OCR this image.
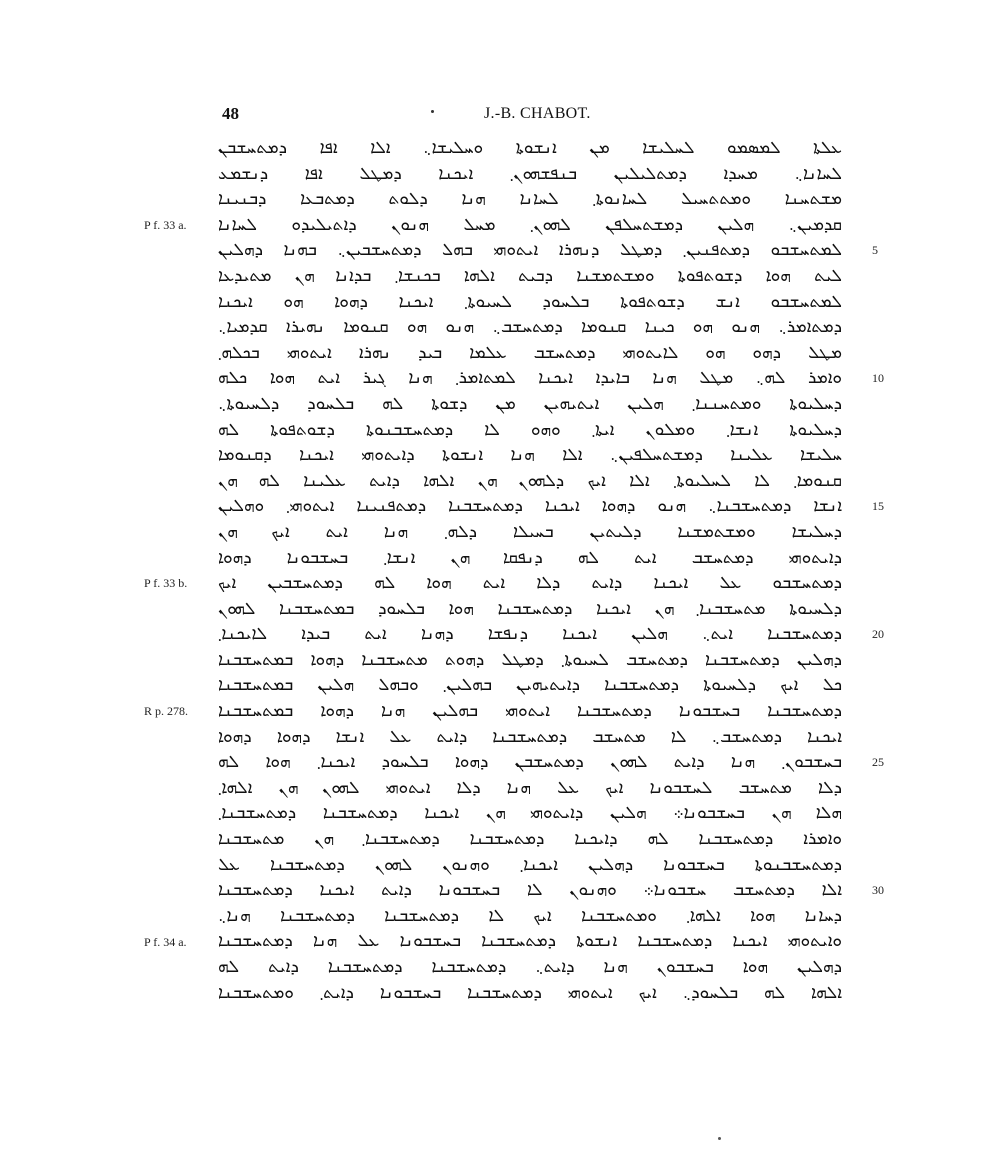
48	J.-B. CHABOT.
ܥܠܬܐ ܠܡܣܡܘ ܠܚܠܝܫܐ ܡܢ ܐܢܫܘܬܐ ܘܚܠܝܫܐ܆ ܐܠܐ ܐܦܐ ܕܡܬܚܫܒܢ
ܠܚܐܢܐ܆ ܡܚܕܐ ܕܡܬܠܝܠܝܢ ܒܢܦܫܗܘܢ܂ ܐܝܟܢܐ ܕܡܛܠ ܐܦܐ ܕܢܫܡܥ
ܡܫܬܚܢܐ ܘܡܬܬܚܝܠ ܠܚܐܢܘܬܐ܂ ܠܚܐܢܐ ܗܢܐ ܕܠܘܬ ܕܡܬܒܥܐ ܕܒܢܝܢܐ
ܩܕܡܝܢ܆ ܗܠܝܢ ܕܡܫܬܚܠܦܢ ܠܗܘܢ܂ ܡܚܠ ܗܢܘܢ ܕܐܬܝܠܝܕܘ ܠܚܐܢܐ
ܠܡܬܚܫܒܘ ܕܡܬܦܢܝܢ܂ ܕܡܛܠ ܕܢܗܪܐ ܐܝܬܘܗܝ ܒܗܠ ܕܡܬܚܫܒܝܢ܆ ܒܗܢܐ ܕܗܠܝܢ
ܠܝܬ ܗܘܐ ܕܫܘܬܦܘܬܐ ܘܡܫܬܡܫܢܐ ܕܒܝܬ ܐܠܗܐ ܒܟܢܫܐ܂ ܒܕܐܢܐ ܗܢ ܡܬܝܕܥܐ
ܠܡܬܚܫܒܘ ܐܢܫ ܕܫܘܬܦܘܬܐ ܒܠܚܘܕ ܠܚܝܘܬܐ܂ ܐܝܟܢܐ ܕܗܘܐ ܗܘ ܐܝܟܢܐ
ܕܡܬܐܡܪ܆ ܗܢܘ ܗܘ ܟܝܢܐ ܩܢܘܡܐ ܕܡܬܚܫܒ܆ ܗܢܘ ܗܘ ܩܢܘܡܐ ܢܗܝܪܐ ܩܕܡܝܐ܆
ܡܛܠ ܕܗܘ ܗܘ ܠܐܝܬܘܗܝ ܕܡܬܚܫܒ ܥܠܡܐ ܒܝܕ ܢܗܪܐ ܐܝܬܘܗܝ ܒܟܠܗ܂
ܘܐܡܪ ܠܗ܆ ܡܛܠ ܗܢܐ ܒܐܝܕܐ ܐܝܟܢܐ ܠܡܬܐܡܪ܂ ܗܢܐ ܓܝܪ ܐܝܬ ܗܘܐ ܟܠܗ
ܕܚܠܝܘܬܐ ܘܡܬܚܢܢܐ܂ ܗܠܝܢ ܐܝܬܝܗܝܢ ܡܢ ܕܫܘܬܐ ܠܗ ܒܠܚܘܕ ܕܠܚܝܘܬܐ܆
ܕܚܠܝܘܬܐ ܐܢܫܐ܂ ܘܡܠܘܢ ܐܝܬܐ܂ ܘܗܘ ܠܐ ܕܡܬܚܫܒܢܘܬܐ ܕܫܘܬܦܘܬܐ ܠܗ
ܚܠܝܫܐ ܥܠܝܢܐ ܕܡܫܬܚܠܦܝܢ܆ ܐܠܐ ܗܢܐ ܐܢܫܘܬܐ ܕܐܝܬܘܗܝ ܐܝܟܢܐ ܕܩܢܘܡܐ
ܩܢܘܡܐ܂ ܠܐ ܠܚܠܝܘܬܐ܂ ܐܠܐ ܐܝܟ ܕܠܗܘܢ ܗܢ ܐܠܗܐ ܕܐܝܬ ܥܠܝܢܐ ܠܗ ܗܢ
ܐܢܫܐ ܕܡܬܚܫܒܢܐ܆ ܗܢܘ ܕܗܘܐ ܐܝܟܢܐ ܕܡܬܚܫܒܢܐ ܕܡܬܦܢܝܢܐ ܐܝܬܘܗܝ܂ ܘܗܠܝܢ
ܕܚܠܝܫܐ ܘܡܫܬܡܫܢܐ ܕܠܝܬܝܢ ܒܚܝܠܐ ܕܠܗ܂ ܗܢܐ ܐܝܬ ܐܝܟ ܗܢ
ܕܐܝܬܘܗܝ ܕܡܬܚܫܒ ܐܝܬ ܠܗ ܕܢܦܩܐ ܗܢ ܐܢܫܐ܂ ܒܚܫܒܘܢܐ ܕܗܘܐ
ܕܡܬܚܫܒܘ ܥܠ ܐܝܟܢܐ ܕܐܝܬ ܕܠܐ ܐܝܬ ܗܘܐ ܠܗ ܕܡܬܚܫܒܝܢ ܐܝܟ
ܕܠܚܝܘܬܐ ܡܬܚܫܒܢܐ܂ ܗܢ ܐܝܟܢܐ ܕܡܬܚܫܒܢܐ ܗܘܐ ܒܠܚܘܕ ܒܡܬܚܫܒܢܐ ܠܗܘܢ
ܕܡܬܚܫܒܢܐ ܐܝܬ܆ ܗܠܝܢ ܐܝܟܢܐ ܕܢܦܫܐ ܕܗܢܐ ܐܝܬ ܒܝܕܐ ܠܐܝܟܢܐ܂
ܕܗܠܝܢ ܕܡܬܚܫܒܢܐ ܕܡܬܚܫܒ ܠܚܝܘܬܐ܂ ܕܡܛܠ ܕܗܘܬ ܡܬܚܫܒܢܐ ܕܗܘܐ ܒܡܬܚܫܒܢܐ
ܟܠ ܐܝܟ ܕܠܚܝܘܬܐ ܕܡܬܚܫܒܢܐ ܕܐܝܬܝܗܝܢ ܒܗܠܝܢ܂ ܘܒܗܠ ܗܠܝܢ ܒܡܬܚܫܒܢܐ
ܕܡܬܚܫܒܢܐ ܒܚܫܒܘܢܐ ܕܡܬܚܫܒܢܐ ܐܝܬܘܗܝ ܒܗܠܝܢ ܗܢܐ ܕܗܘܐ ܒܡܬܚܫܒܢܐ
ܐܝܟܢܐ ܕܡܬܚܫܒ܆ ܠܐ ܡܬܚܫܒ ܕܡܬܚܫܒܢܐ ܕܐܝܬ ܥܠ ܐܢܫܐ ܕܗܘܐ ܕܗܘܐ
ܒܚܫܒܘܢ܂ ܗܢܐ ܕܐܝܬ ܠܗܘܢ ܕܡܬܚܫܒܢ ܕܗܘܐ ܒܠܚܘܕ ܐܝܟܢܐ܂ ܗܘܐ ܠܗ
ܕܠܐ ܡܬܚܫܒ ܠܚܫܒܘܢܐ ܐܝܟ ܥܠ ܗܢܐ ܕܠܐ ܐܝܬܘܗܝ ܠܗܘܢ ܗܢ ܐܠܗܐ܂
ܗܠܐ ܗܢ ܒܚܫܒܘܢܐ܀ ܗܠܝܢ ܕܐܝܬܘܗܝ ܗܢ ܐܝܟܢܐ ܕܡܬܚܫܒܢܐ ܕܡܬܚܫܒܢܐ܂
ܘܐܡܪܐ ܕܡܬܚܫܒܢܐ ܠܗ ܕܐܝܟܢܐ ܕܡܬܚܫܒܢܐ ܕܡܬܚܫܒܢܐ܂ ܗܢ ܡܬܚܫܒܢܐ
ܕܡܬܚܫܒܢܘܬܐ ܒܚܫܒܘܢܐ ܕܗܠܝܢ ܐܝܟܢܐ܂ ܘܗܢܘܢ ܠܗܘܢ ܕܡܬܚܫܒܢܐ ܥܠ
ܐܠܐ ܕܡܬܚܫܒ ܚܫܒܘܢܐ܀ ܘܗܢܘܢ ܠܐ ܒܚܫܒܘܢܐ ܕܐܝܬ ܐܝܟܢܐ ܕܡܬܚܫܒܢܐ
ܕܚܐܢܐ ܗܘܐ ܐܠܗܐ܂ ܘܡܬܚܫܒܢܐ ܐܝܟ ܠܐ ܕܡܬܚܫܒܢܐ ܕܡܬܚܫܒܢܐ ܗܢܐ܆
ܘܐܝܬܘܗܝ ܐܝܟܢܐ ܕܡܬܚܫܒܢܐ ܐܢܫܘܬܐ ܕܡܬܚܫܒܢܐ ܒܚܫܒܘܢܐ ܥܠ ܗܢܐ ܕܡܬܚܫܒܢܐ
ܕܗܠܝܢ ܗܘܐ ܒܚܫܒܘܢ ܗܢܐ ܕܐܝܬ܆ ܕܡܬܚܫܒܢܐ ܕܡܬܚܫܒܢܐ ܕܐܝܬ ܠܗ
ܐܠܗܐ ܠܗ ܒܠܚܘܕ܆ ܐܝܟ ܐܝܬܘܗܝ ܕܡܬܚܫܒܢܐ ܒܚܫܒܘܢܐ ܕܐܝܬ܂ ܘܡܬܚܫܒܢܐ
P f. 33 a.
P f. 33 b.
R p. 278.
P f. 34 a.
5
10
15
20
25
30
